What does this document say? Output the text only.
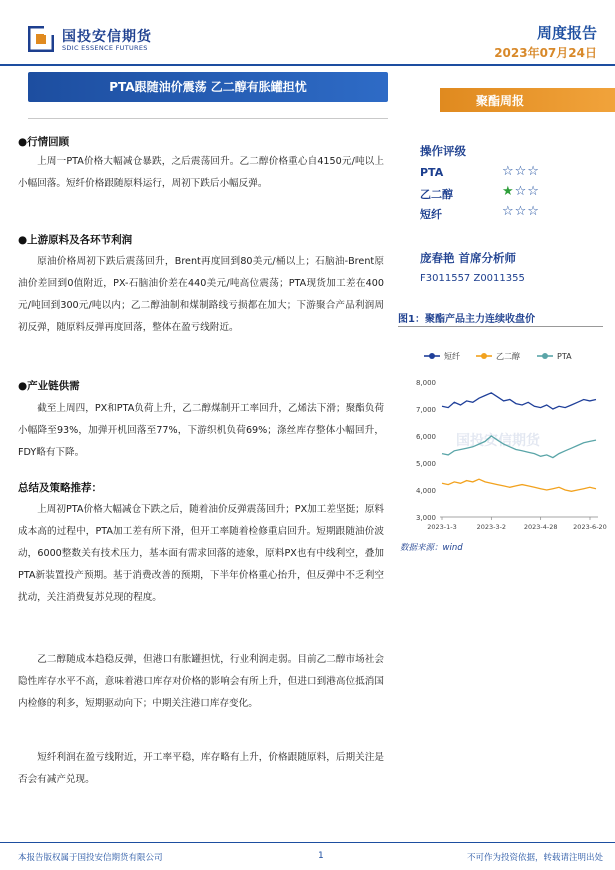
国投安信期货
SDIC ESSENCE FUTURES
周度报告
2023年07月24日
PTA跟随油价震荡 乙二醇有胀罐担忧
聚酯周报
●行情回顾
上周一PTA价格大幅减仓暴跌，之后震荡回升。乙二醇价格重心自4150元/吨以上小幅回落。短纤价格跟随原料运行，周初下跌后小幅反弹。
●上游原料及各环节利润
原油价格周初下跌后震荡回升，Brent再度回到80美元/桶以上；石脑油-Brent原油价差回到0值附近，PX-石脑油价差在440美元/吨高位震荡；PTA现货加工差在400元/吨回到300元/吨以内；乙二醇油制和煤制路线亏损都在加大；下游聚合产品利润周初反弹，随原料反弹再度回落，整体在盈亏线附近。
●产业链供需
截至上周四，PX和PTA负荷上升，乙二醇煤制开工率回升，乙烯法下滑；聚酯负荷小幅降至93%，加弹开机回落至77%，下游织机负荷69%；涤丝库存整体小幅回升，FDY略有下降。
总结及策略推荐：
上周初PTA价格大幅减仓下跌之后，随着油价反弹震荡回升；PX加工差坚挺；原料成本高的过程中，PTA加工差有所下滑，但开工率随着检修重启回升。短期跟随油价波动，6000整数关有技术压力，基本面有需求回落的迹象，原料PX也有中线利空，叠加PTA新装置投产预期。基于消费改善的预期，下半年价格重心抬升，但反弹中不乏利空扰动，关注消费复苏兑现的程度。
乙二醇随成本趋稳反弹，但港口有胀罐担忧，行业利润走弱。目前乙二醇市场社会隐性库存水平不高，意味着港口库存对价格的影响会有所上升，但进口到港高位抵消国内检修的利多，短期驱动向下；中期关注港口库存变化。
短纤利润在盈亏线附近，开工率平稳，库存略有上升，价格跟随原料，后期关注是否会有减产兑现。
操作评级
PTA	☆☆☆
乙二醇	★☆☆
短纤	☆☆☆
庞春艳 首席分析师
F3011557 Z0011355
图1：聚酯产品主力连续收盘价
短纤	乙二醇	PTA
3,000
4,000
5,000
6,000
7,000
8,000
2023-1-3	2023-3-2	2023-4-28 2023-6-20
国投安信期货
数据来源：wind
本报告版权属于国投安信期货有限公司	1	不可作为投资依据，转载请注明出处
